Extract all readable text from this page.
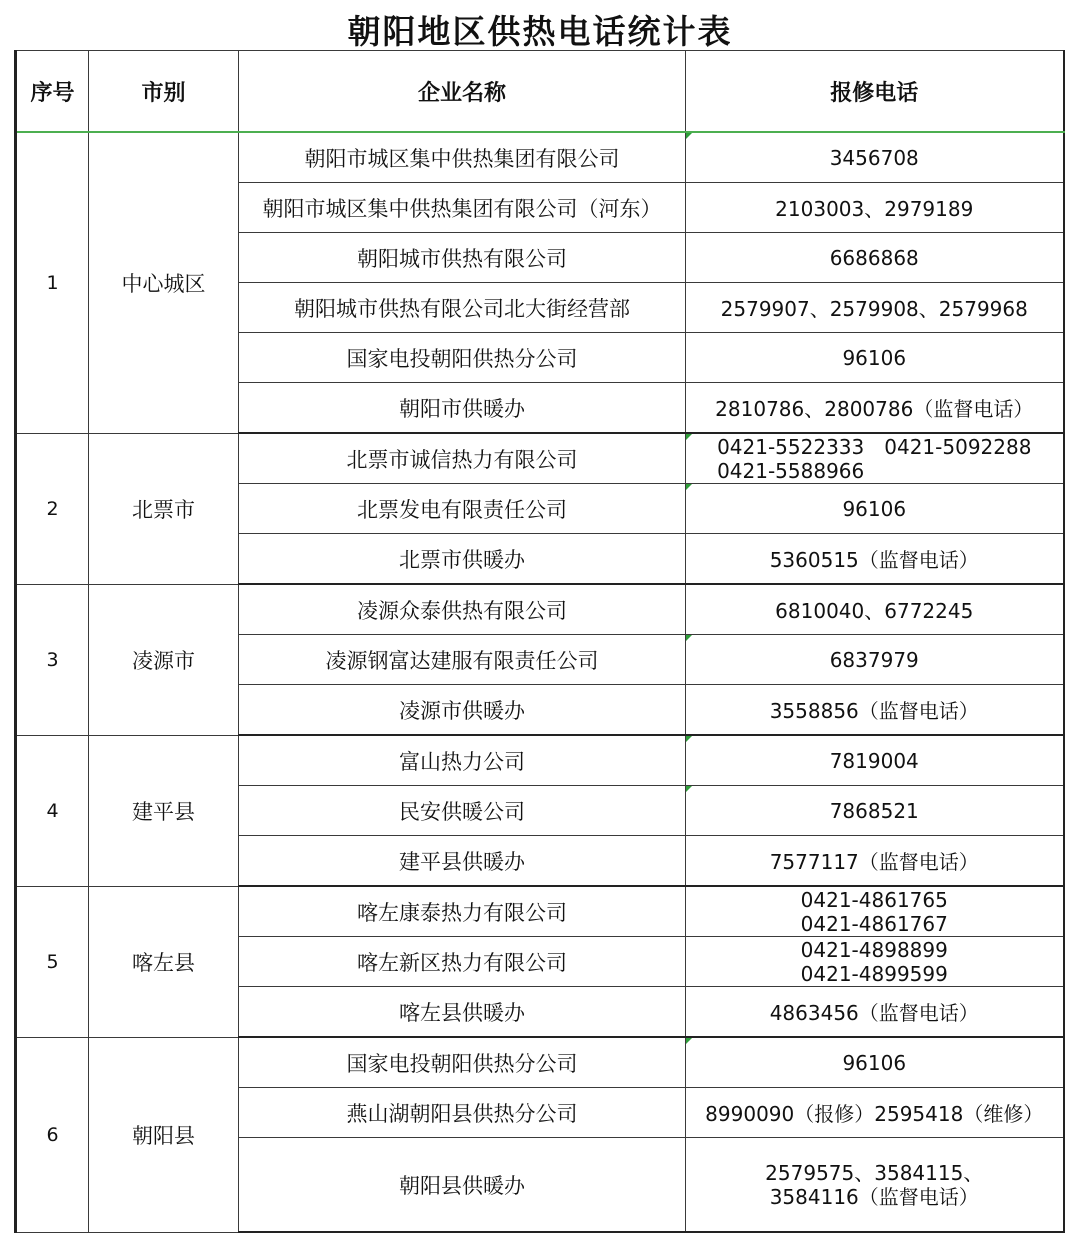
朝阳地区供热电话统计表
序号	市别	企业名称	报修电话
1	中心城区	朝阳市城区集中供热集团有限公司	3456708
		朝阳市城区集中供热集团有限公司（河东）	2103003、2979189
		朝阳城市供热有限公司	6686868
		朝阳城市供热有限公司北大街经营部	2579907、2579908、2579968
		国家电投朝阳供热分公司	96106
		朝阳市供暖办	2810786、2800786（监督电话）
2	北票市	北票市诚信热力有限公司	0421-5522333　0421-5092288
0421-5588966
		北票发电有限责任公司	96106
		北票市供暖办	5360515（监督电话）
3	凌源市	凌源众泰供热有限公司	6810040、6772245
		凌源钢富达建服有限责任公司	6837979
		凌源市供暖办	3558856（监督电话）
4	建平县	富山热力公司	7819004
		民安供暖公司	7868521
		建平县供暖办	7577117（监督电话）
5	喀左县	喀左康泰热力有限公司	0421-4861765
0421-4861767
		喀左新区热力有限公司	0421-4898899
0421-4899599
		喀左县供暖办	4863456（监督电话）
6	朝阳县	国家电投朝阳供热分公司	96106
		燕山湖朝阳县供热分公司	8990090（报修）2595418（维修）
		朝阳县供暖办	2579575、3584115、
3584116（监督电话）
